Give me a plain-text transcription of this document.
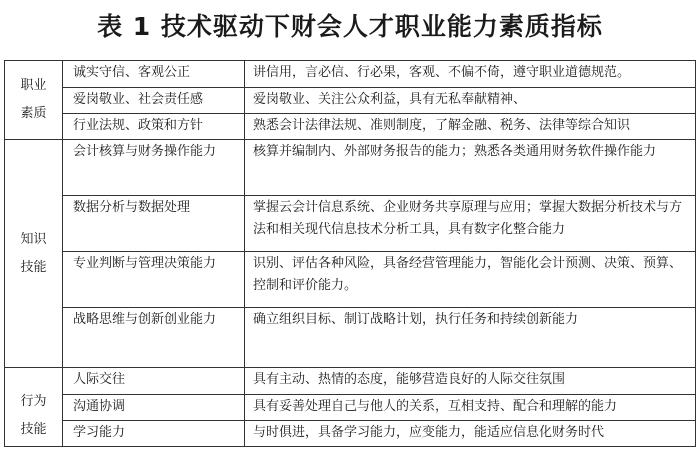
表 1 技术驱动下财会人才职业能力素质指标
职业
素质	诚实守信、客观公正	讲信用，言必信、行必果，客观、不偏不倚，遵守职业道德规范。
	爱岗敬业、社会责任感	爱岗敬业、关注公众利益，具有无私奉献精神、
	行业法规、政策和方针	熟悉会计法律法规、准则制度，了解金融、税务、法律等综合知识

知识
技能	会计核算与财务操作能力	核算并编制内、外部财务报告的能力；熟悉各类通用财务软件操作能力
	数据分析与数据处理	掌握云会计信息系统、企业财务共享原理与应用；掌握大数据分析技术与方法和相关现代信息技术分析工具，具有数字化整合能力
	专业判断与管理决策能力	识别、评估各种风险，具备经营管理能力，智能化会计预测、决策、预算、控制和评价能力。
	战略思维与创新创业能力	确立组织目标、制订战略计划，执行任务和持续创新能力

行为
技能	人际交往	具有主动、热情的态度，能够营造良好的人际交往氛围
	沟通协调	具有妥善处理自己与他人的关系，互相支持、配合和理解的能力
	学习能力	与时俱进，具备学习能力，应变能力，能适应信息化财务时代
